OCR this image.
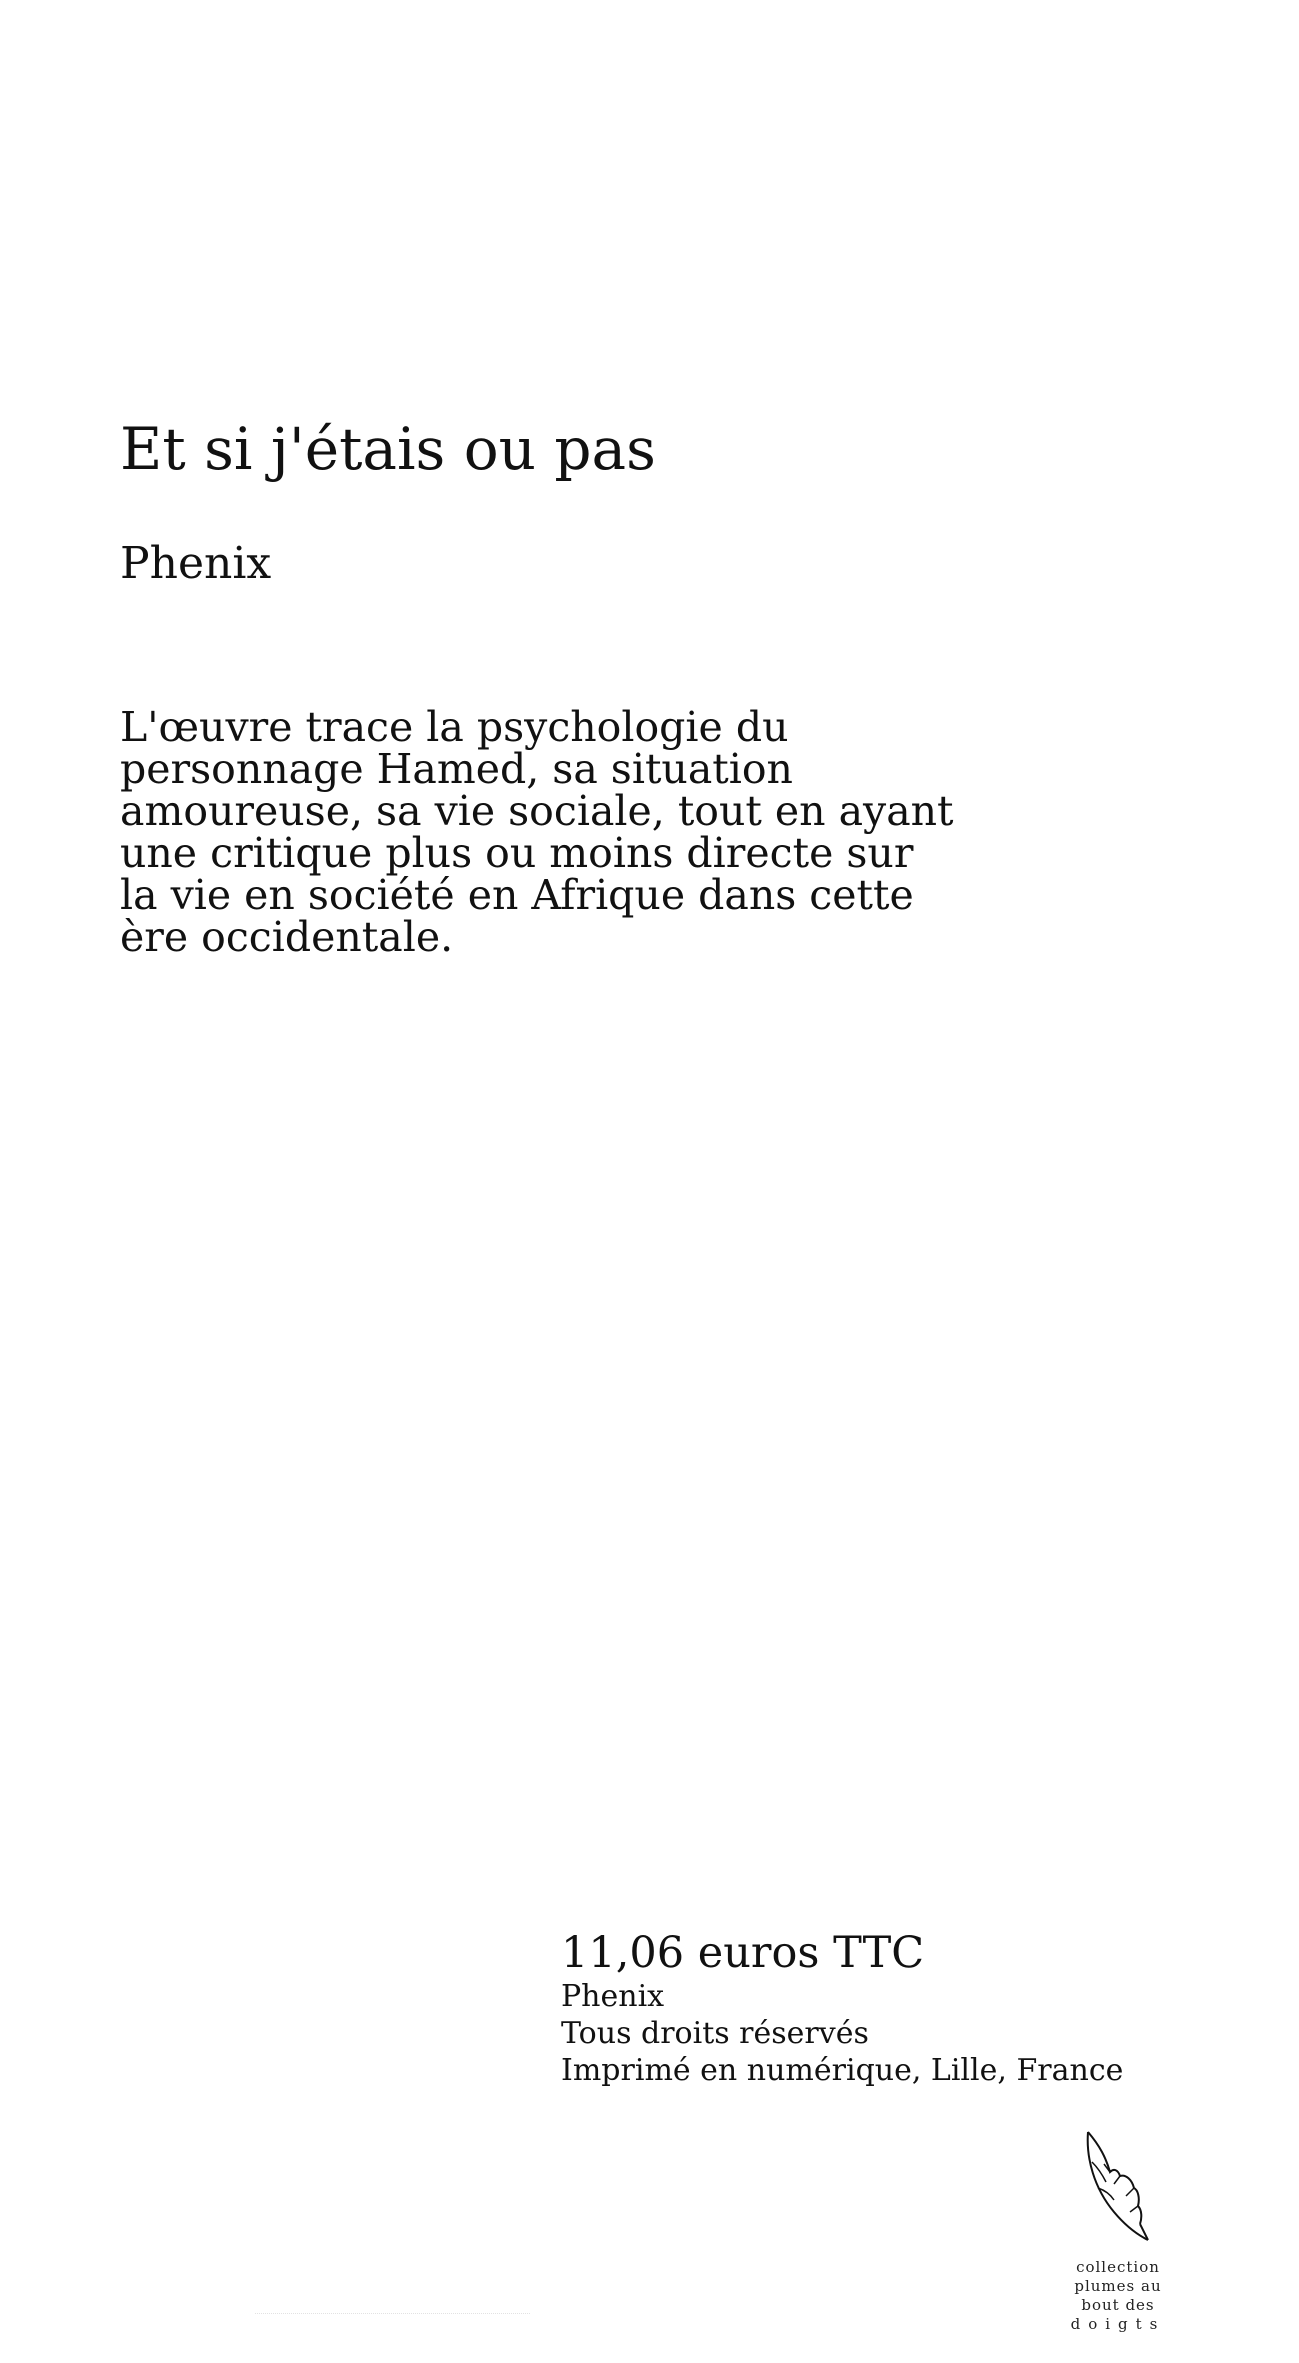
Et si j'étais ou pas

Phenix

L'œuvre trace la psychologie du
personnage Hamed, sa situation
amoureuse, sa vie sociale, tout en ayant
une critique plus ou moins directe sur
la vie en société en Afrique dans cette
ère occidentale.

11,06 euros TTC

Phenix

Tous droits réservés

Imprimé en numérique, Lille, France

collection
plumes au
bout des
doigts
